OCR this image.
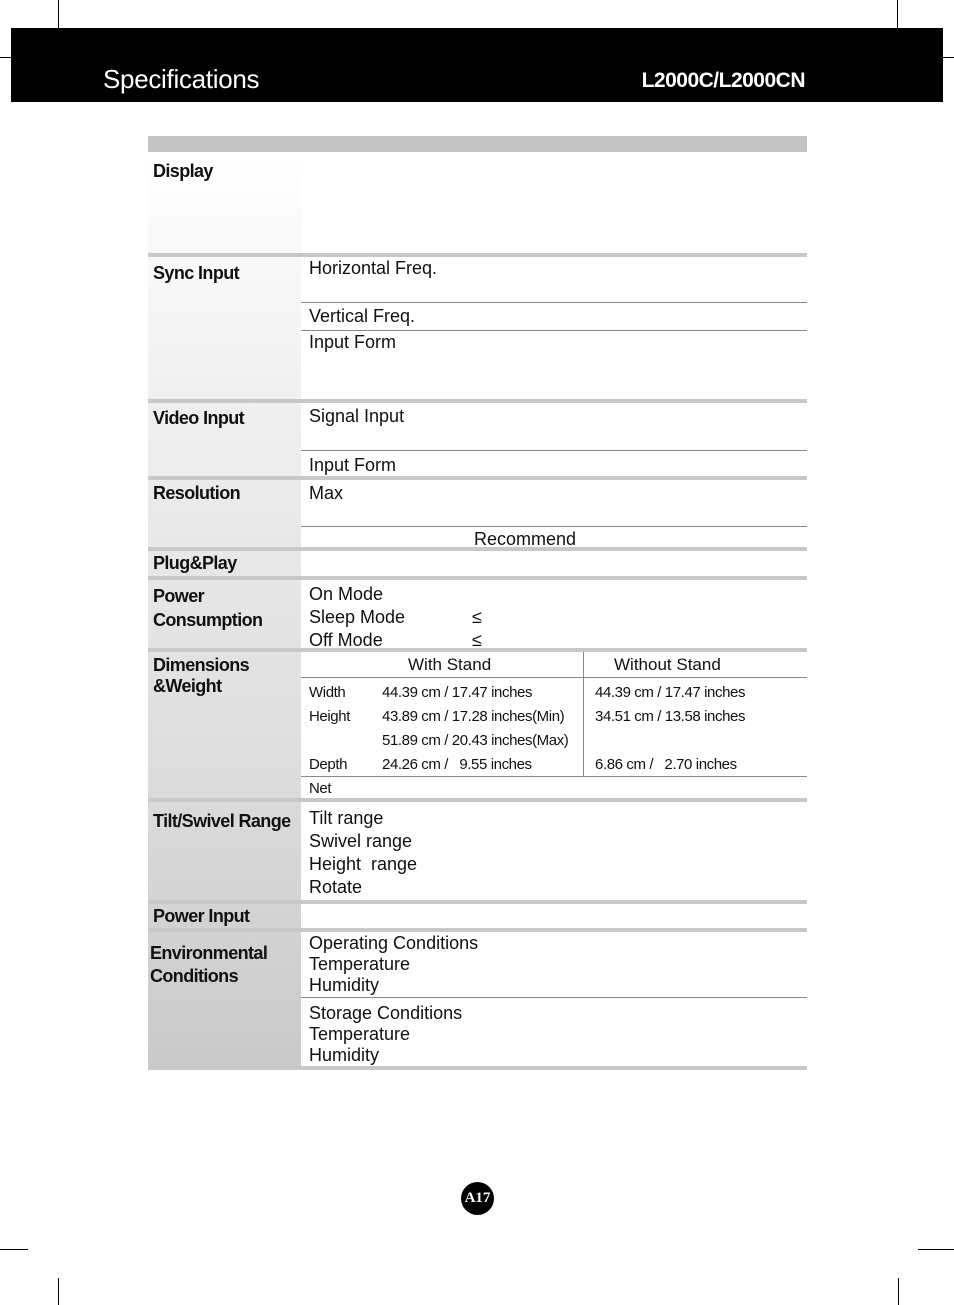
Specifications	L2000C/L2000CN
Display
Sync Input
Video Input
Resolution
Plug&Play
Power
Consumption
Dimensions
&Weight
Tilt/Swivel Range
Power Input
Environmental
Conditions
Horizontal Freq.
Vertical Freq.
Input Form
Signal Input
Input Form
Max
Recommend
On Mode
Sleep Mode
Off Mode
≤
≤
With Stand	Without Stand
Width
Height
Depth
Net
44.39 cm / 17.47 inches
43.89 cm / 17.28 inches(Min)
51.89 cm / 20.43 inches(Max)
24.26 cm /   9.55 inches
44.39 cm / 17.47 inches
34.51 cm / 13.58 inches
6.86 cm /   2.70 inches
Tilt range
Swivel range
Height  range
Rotate
Operating Conditions
Temperature
Humidity
Storage Conditions
Temperature
Humidity
A17
